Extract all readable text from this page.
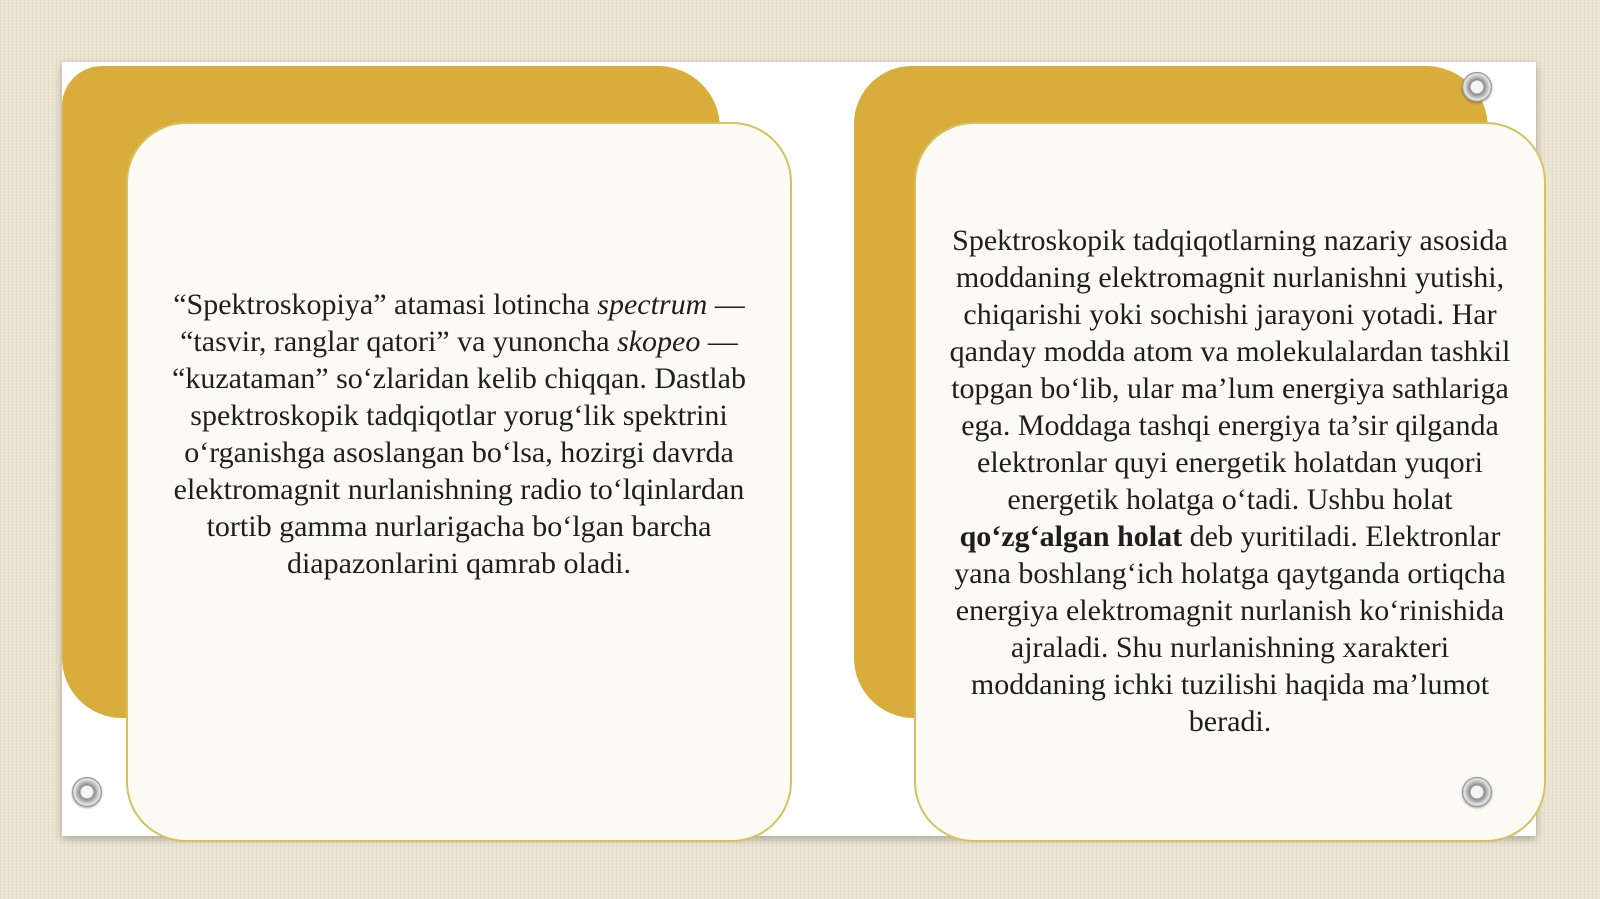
“Spektroskopiya” atamasi lotincha spectrum — “tasvir, ranglar qatori” va yunoncha skopeo — “kuzataman” so‘zlaridan kelib chiqqan. Dastlab spektroskopik tadqiqotlar yorug‘lik spektrini o‘rganishga asoslangan bo‘lsa, hozirgi davrda elektromagnit nurlanishning radio to‘lqinlardan tortib gamma nurlarigacha bo‘lgan barcha diapazonlarini qamrab oladi.

Spektroskopik tadqiqotlarning nazariy asosida moddaning elektromagnit nurlanishni yutishi, chiqarishi yoki sochishi jarayoni yotadi. Har qanday modda atom va molekulalardan tashkil topgan bo‘lib, ular ma’lum energiya sathlariga ega. Moddaga tashqi energiya ta’sir qilganda elektronlar quyi energetik holatdan yuqori energetik holatga o‘tadi. Ushbu holat qo‘zg‘algan holat deb yuritiladi. Elektronlar yana boshlang‘ich holatga qaytganda ortiqcha energiya elektromagnit nurlanish ko‘rinishida ajraladi. Shu nurlanishning xarakteri moddaning ichki tuzilishi haqida ma’lumot beradi.
